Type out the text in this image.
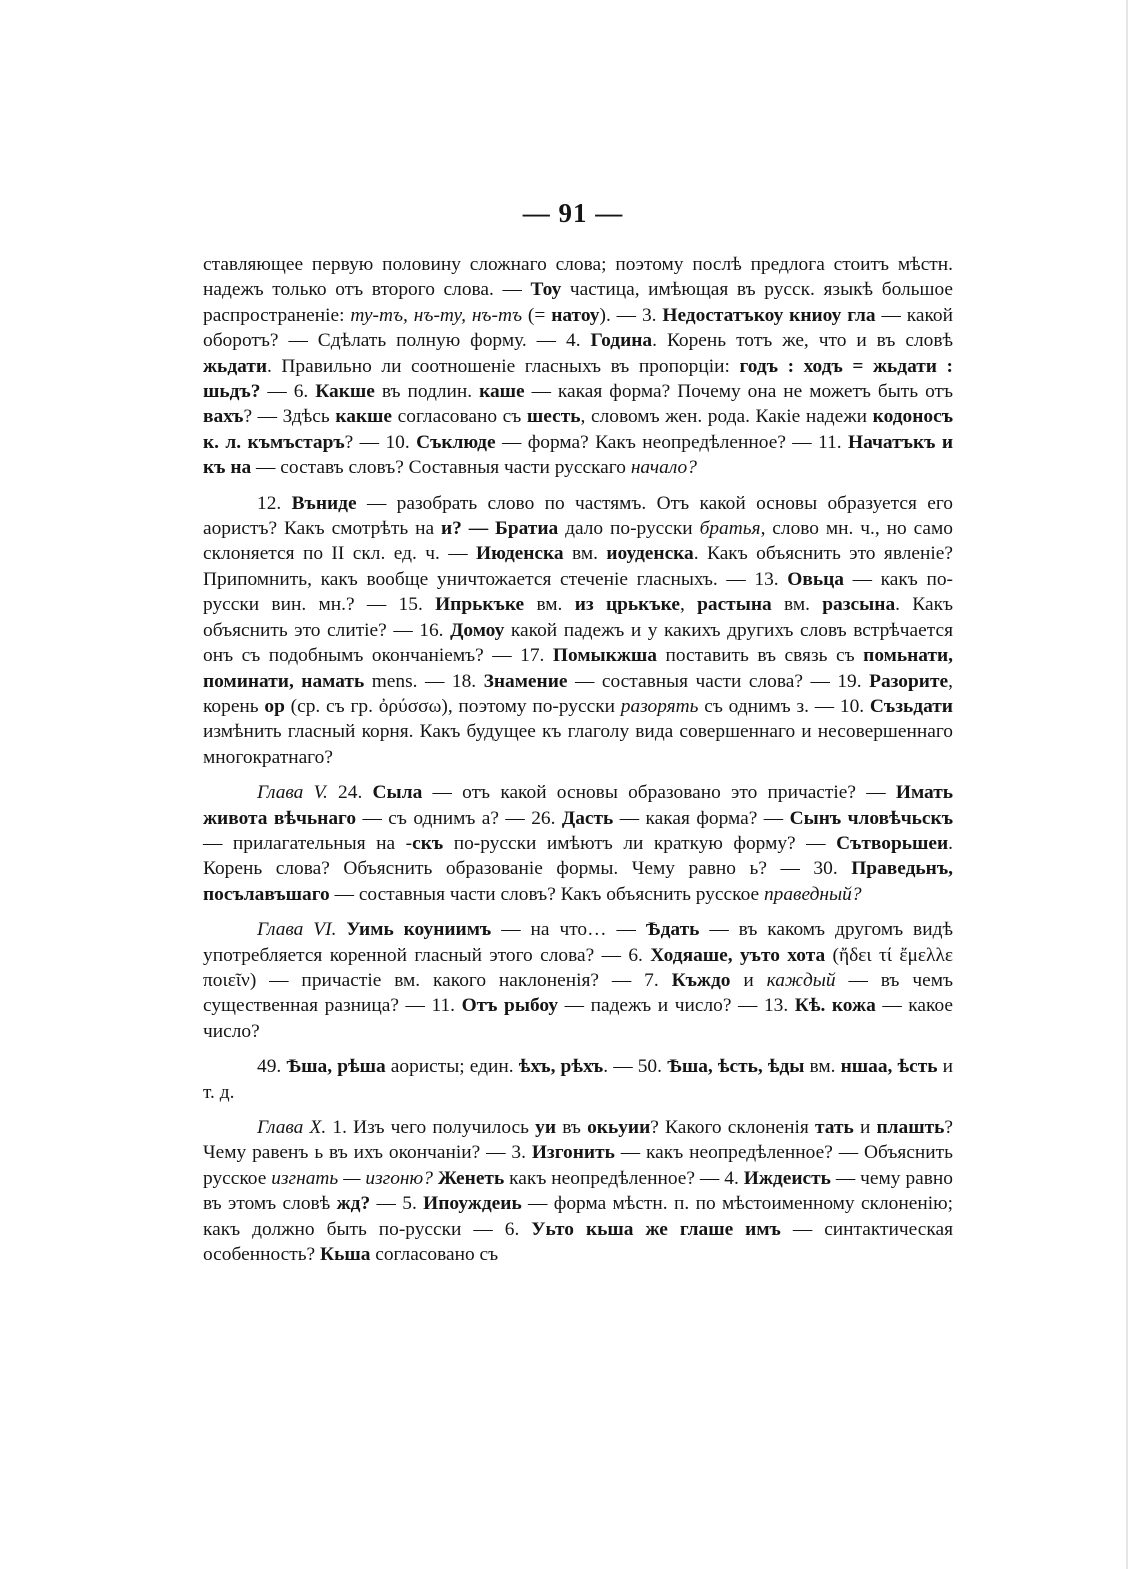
— 91 —

ставляющее первую половину сложнаго слова; поэтому послѣ предлога стоитъ мѣстн. надежъ только отъ второго слова. — Тоу частица, имѣющая въ русск. языкѣ большое распространеніе: ту-тъ, нъ-ту, нъ-тъ (= натоу). — 3. Недостатъкоу книоу гла — какой оборотъ? — Сдѣлать полную форму. — 4. Година. Корень тотъ же, что и въ словѣ жьдати. Правильно ли соотношеніе гласныхъ въ пропорціи: годъ : ходъ = жьдати : шьдъ? — 6. Какше въ подлин. каше — какая форма? Почему она не можетъ быть отъ вахъ? — Здѣсь какше согласовано съ шесть, словомъ жен. рода. Какіе надежи кодоносъ к. л. къмъстаръ? — 10. Съклюде — форма? Какъ неопредѣленное? — 11. Начатъкъ и къ на — составъ словъ? Составныя части русскаго начало?

12. Въниде — разобрать слово по частямъ. Отъ какой основы образуется его аористъ? Какъ смотрѣть на и? — Братиа дало по-русски братья, слово мн. ч., но само склоняется по II скл. ед. ч. — Июденска вм. иоуденска. Какъ объяснить это явленіе? Припомнить, какъ вообще уничтожается стеченіе гласныхъ. — 13. Овьца — какъ по-русски вин. мн.? — 15. Ипрькъке вм. из црькъке, растына вм. разсына. Какъ объяснить это слитіе? — 16. Домоу какой падежъ и у какихъ другихъ словъ встрѣчается онъ съ подобнымъ окончаніемъ? — 17. Помыкжша поставить въ связь съ помьнати, поминати, намать mens. — 18. Знамение — составныя части слова? — 19. Разорите, корень ор (ср. съ гр. ὀρύσσω), поэтому по-русски разорять съ однимъ з. — 10. Съзьдати измѣнить гласный корня. Какъ будущее къ глаголу вида совершеннаго и несовершеннаго многократнаго?

Глава V. 24. Сыла — отъ какой основы образовано это причастіе? — Имать живота вѣчьнаго — съ однимъ а? — 26. Дасть — какая форма? — Сынъ чловѣчьскъ — прилагательныя на -скъ по-русски имѣютъ ли краткую форму? — Сътворьшеи. Корень слова? Объяснить образованіе формы. Чему равно ь? — 30. Праведьнъ, посълавъшаго — составныя части словъ? Какъ объяснить русское праведный?

Глава VI. Уимь коуниимъ — на что… — Ѣдать — въ какомъ другомъ видѣ употребляется коренной гласный этого слова? — 6. Ходяаше, уъто хота (ἤδει τί ἔμελλε ποιεῖν) — причастіе вм. какого наклоненія? — 7. Къждо и каждый — въ чемъ существенная разница? — 11. Отъ рыбоу — падежъ и число? — 13. Кѣ. кожа — какое число?

49. Ѣша, рѣша аористы; един. ѣхъ, рѣхъ. — 50. Ѣша, ѣсть, ѣды вм. ншаа, ѣсть и т. д.

Глава X. 1. Изъ чего получилось уи въ окьуии? Какого склоненія тать и плашть? Чему равенъ ь въ ихъ окончаніи? — 3. Изгонить — какъ неопредѣленное? — Объяснить русское изгнать — изгоню? Женеть какъ неопредѣленное? — 4. Иждеисть — чему равно въ этомъ словѣ жд? — 5. Ипоуждеиь — форма мѣстн. п. по мѣстоименному склоненію; какъ должно быть по-русски — 6. Уьто кьша же глаше имъ — синтактическая особенность? Кьша согласовано съ
